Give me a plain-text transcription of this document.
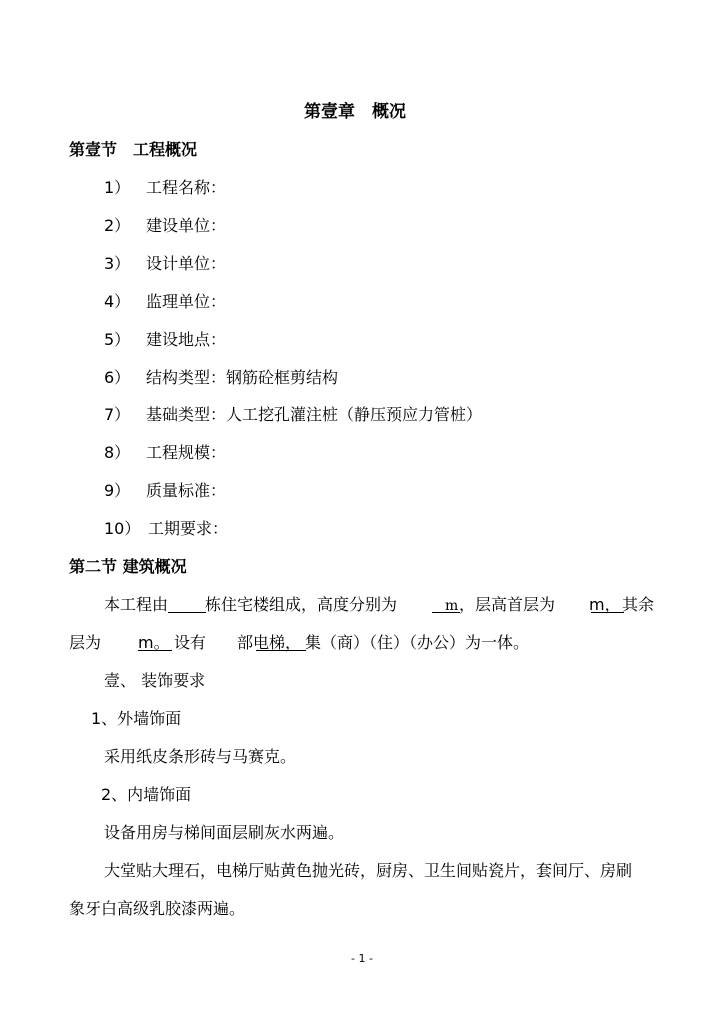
第壹章　概况
第壹节　工程概况
1） 工程名称：
2） 建设单位：
3） 设计单位：
4） 监理单位：
5） 建设地点：
6） 结构类型：钢筋砼框剪结构
7） 基础类型：人工挖孔灌注桩（静压预应力管桩）
8） 工程规模：
9） 质量标准：
10） 工期要求：
第二节 建筑概况
本工程由 栋住宅楼组成，高度分别为	m ，层高首层为 m， 其余
层为 m。 设有 部电梯， 集（商）（住）（办公）为一体。
壹、 装饰要求
1、外墙饰面
采用纸皮条形砖与马赛克。
2、内墙饰面
设备用房与梯间面层刷灰水两遍。
大堂贴大理石，电梯厅贴黄色抛光砖，厨房、卫生间贴瓷片，套间厅、房刷
象牙白高级乳胶漆两遍。
- 1 -
